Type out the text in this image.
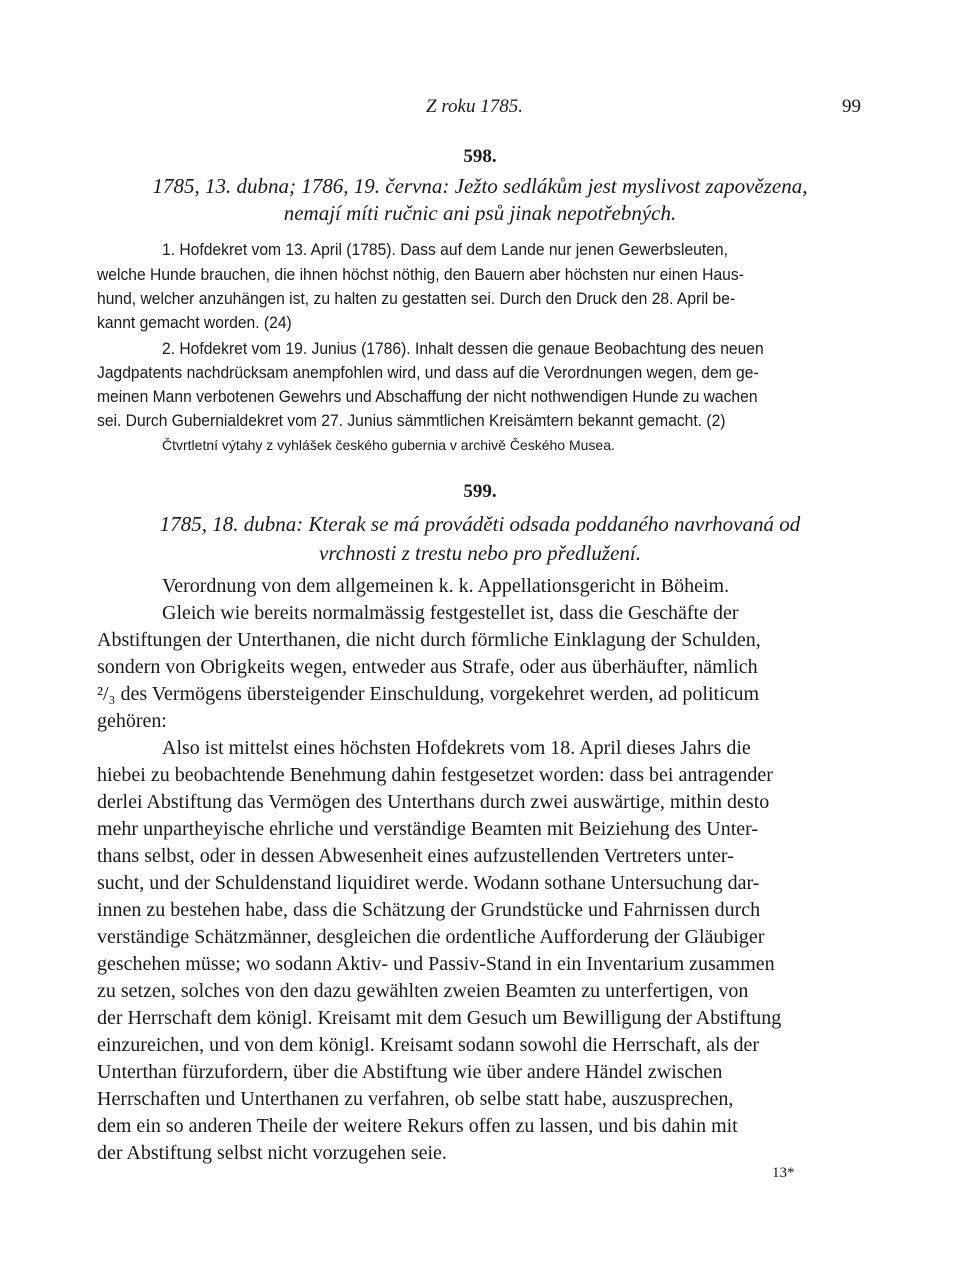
Z roku 1785.	99
598.
1785, 13. dubna; 1786, 19. června: Ježto sedlákům jest myslivost zapovězena,
nemají míti ručnic ani psů jinak nepotřebných.
1. Hofdekret vom 13. April (1785). Dass auf dem Lande nur jenen Gewerbsleuten,
welche Hunde brauchen, die ihnen höchst nöthig, den Bauern aber höchsten nur einen Haus-
hund, welcher anzuhängen ist, zu halten zu gestatten sei. Durch den Druck den 28. April be-
kannt gemacht worden. (24)
2. Hofdekret vom 19. Junius (1786). Inhalt dessen die genaue Beobachtung des neuen
Jagdpatents nachdrücksam anempfohlen wird, und dass auf die Verordnungen wegen, dem ge-
meinen Mann verbotenen Gewehrs und Abschaffung der nicht nothwendigen Hunde zu wachen
sei. Durch Gubernialdekret vom 27. Junius sämmtlichen Kreisämtern bekannt gemacht. (2)
Čtvrtletní výtahy z vyhlášek českého gubernia v archivě Českého Musea.
599.
1785, 18. dubna: Kterak se má prováděti odsada poddaného navrhovaná od
vrchnosti z trestu nebo pro předlužení.
Verordnung von dem allgemeinen k. k. Appellationsgericht in Böheim.
Gleich wie bereits normalmässig festgestellet ist, dass die Geschäfte der
Abstiftungen der Unterthanen, die nicht durch förmliche Einklagung der Schulden,
sondern von Obrigkeits wegen, entweder aus Strafe, oder aus überhäufter, nämlich
²/₃ des Vermögens übersteigender Einschuldung, vorgekehret werden, ad politicum
gehören:
Also ist mittelst eines höchsten Hofdekrets vom 18. April dieses Jahrs die
hiebei zu beobachtende Benehmung dahin festgesetzet worden: dass bei antragender
derlei Abstiftung das Vermögen des Unterthans durch zwei auswärtige, mithin desto
mehr unpartheyische ehrliche und verständige Beamten mit Beiziehung des Unter-
thans selbst, oder in dessen Abwesenheit eines aufzustellenden Vertreters unter-
sucht, und der Schuldenstand liquidiret werde. Wodann sothane Untersuchung dar-
innen zu bestehen habe, dass die Schätzung der Grundstücke und Fahrnissen durch
verständige Schätzmänner, desgleichen die ordentliche Aufforderung der Gläubiger
geschehen müsse; wo sodann Aktiv- und Passiv-Stand in ein Inventarium zusammen
zu setzen, solches von den dazu gewählten zweien Beamten zu unterfertigen, von
der Herrschaft dem königl. Kreisamt mit dem Gesuch um Bewilligung der Abstiftung
einzureichen, und von dem königl. Kreisamt sodann sowohl die Herrschaft, als der
Unterthan fürzufordern, über die Abstiftung wie über andere Händel zwischen
Herrschaften und Unterthanen zu verfahren, ob selbe statt habe, auszusprechen,
dem ein so anderen Theile der weitere Rekurs offen zu lassen, und bis dahin mit
der Abstiftung selbst nicht vorzugehen seie.
13*
